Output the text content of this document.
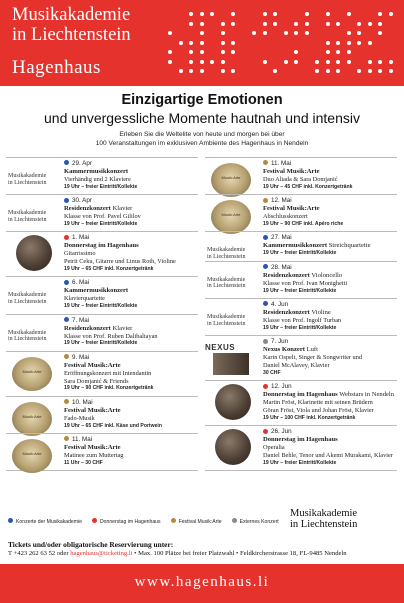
Musikakademie
in Liechtenstein
Hagenhaus
Einzigartige Emotionen
und unvergessliche Momente hautnah und intensiv
Erleben Sie die Weltelite von heute und morgen bei über
100 Veranstaltungen im exklusiven Ambiente des Hagenhaus in Nendeln
Musikakademie
in Liechtenstein
29. Apr
Kammermusikkonzert
Vierhändig und 2 Klaviere
19 Uhr – freier Eintritt/Kollekte
Musikakademie
in Liechtenstein
30. Apr
Residenzkonzert Klavier
Klasse von Prof. Pavel Gililov
19 Uhr – freier Eintritt/Kollekte
1. Mai
Donnerstag im Hagenhaus
Gitarrissimo
Petrit Ceku, Gitarre und Linus Roth, Violine
19 Uhr – 65 CHF inkl. Konzertgetränk
Musikakademie
in Liechtenstein
6. Mai
Kammermusikkonzert
Klavierquartette
19 Uhr – freier Eintritt/Kollekte
Musikakademie
in Liechtenstein
7. Mai
Residenzkonzert Klavier
Klasse von Prof. Ruben Dalibaltayan
19 Uhr – freier Eintritt/Kollekte
Musik:Arte
9. Mai
Festival Musik:Arte
Eröffnungskonzert mit Intendantin
Sara Domjanić & Friends
19 Uhr – 90 CHF inkl. Konzertgetränk
Musik:Arte
10. Mai
Festival Musik:Arte
Fado-Musik
19 Uhr – 65 CHF inkl. Käse und Portwein
Musik:Arte
11. Mai
Festival Musik:Arte
Matinee zum Muttertag
11 Uhr – 30 CHF
Musik:Arte
11. Mai
Festival Musik:Arte
Duo Aliada & Sara Domjanić
19 Uhr – 45 CHF inkl. Konzertgetränk
Musik:Arte
12. Mai
Festival Musik:Arte
Abschlusskonzert
19 Uhr – 90 CHF inkl. Apéro riche
Musikakademie
in Liechtenstein
27. Mai
Kammermusikkonzert Streichquartette
19 Uhr – freier Eintritt/Kollekte
Musikakademie
in Liechtenstein
28. Mai
Residenzkonzert Violoncello
Klasse von Prof. Ivan Monighetti
19 Uhr – freier Eintritt/Kollekte
Musikakademie
in Liechtenstein
4. Jun
Residenzkonzert Violine
Klasse von Prof. Ingolf Turban
19 Uhr – freier Eintritt/Kollekte
NEXUS
7. Jun
Nexus Konzert Luft
Karin Ospelt, Singer & Songwriter und
Daniel McAlavey, Klavier
30 CHF
12. Jun
Donnerstag im Hagenhaus Webstars in Nendeln
Martin Fröst, Klarinette mit seinen Brüdern
Göran Fröst, Viola und Johan Fröst, Klavier
19 Uhr – 100 CHF inkl. Konzertgetränk
26. Jun
Donnerstag im Hagenhaus
Operalia
Daniel Behle, Tenor und Akemi Murakami, Klavier
19 Uhr – freier Eintritt/Kollekte
Konzerte der Musikakademie	Donnerstag im Hagenhaus	Festival Musik:Arte	Externes Konzert
Musikakademie
in Liechtenstein
Tickets und/oder obligatorische Reservierung unter:
T +423 262 63 52 oder hagenhaus@ticketing.li • Max. 100 Plätze bei freier Platzwahl • Feldkircherstrasse 18, FL-9485 Nendeln
www.hagenhaus.li
